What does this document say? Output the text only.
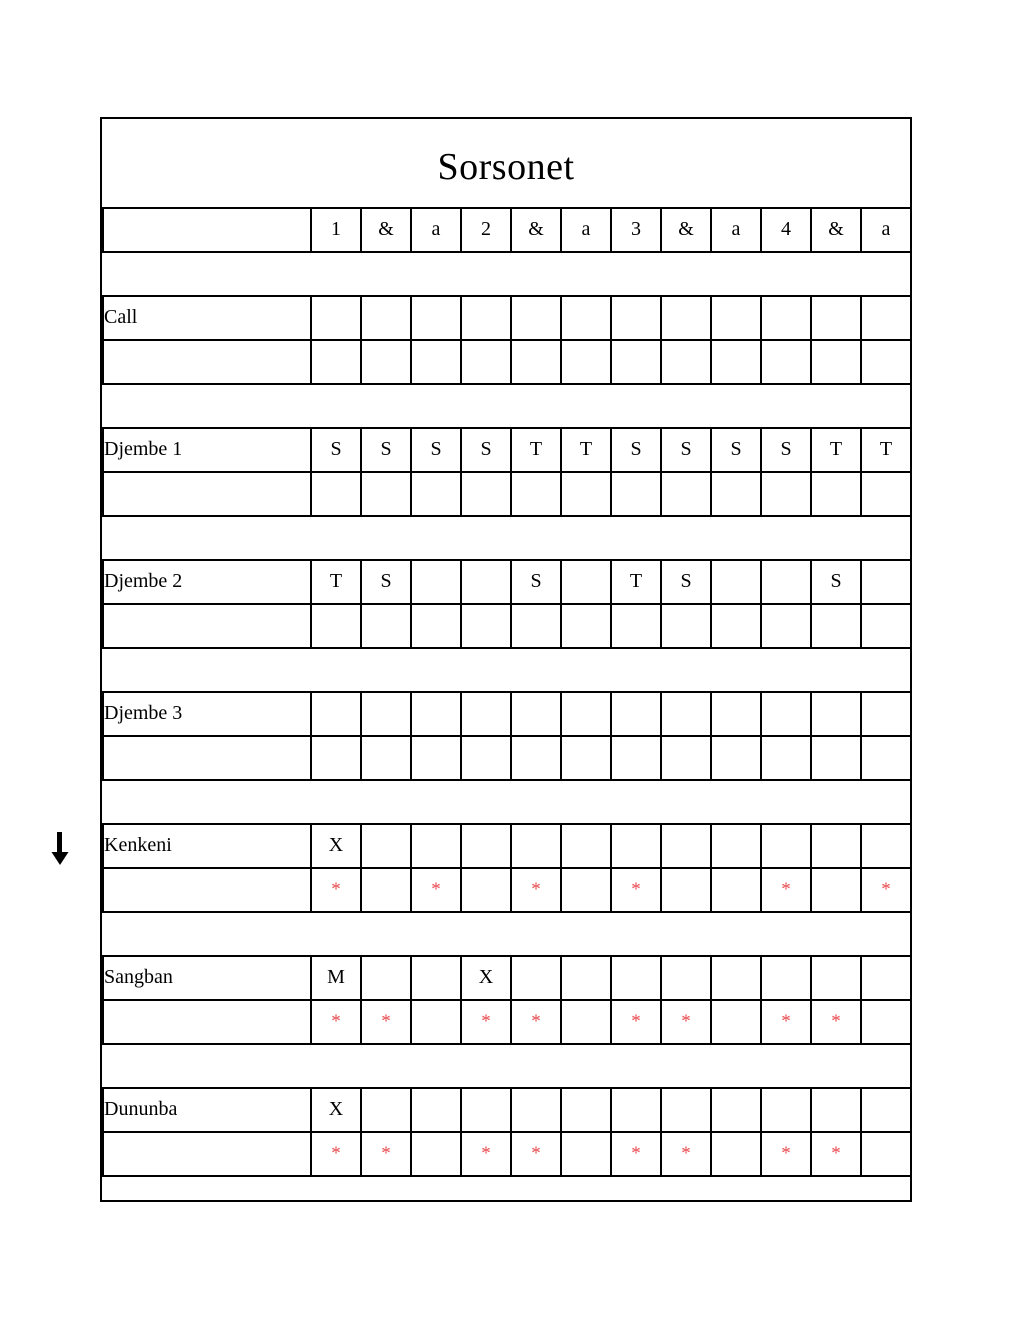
Sorsonet
	1	&	a	2	&	a	3	&	a	4	&	a

Call												

Djembe 1	S	S	S	S	T	T	S	S	S	S	T	T

Djembe 2	T	S			S		T	S			S	

Djembe 3												

Kenkeni	X											
	*		*		*		*			*		*

Sangban	M			X								
	*	*		*	*		*	*		*	*	

Dununba	X											
	*	*		*	*		*	*		*	*	
